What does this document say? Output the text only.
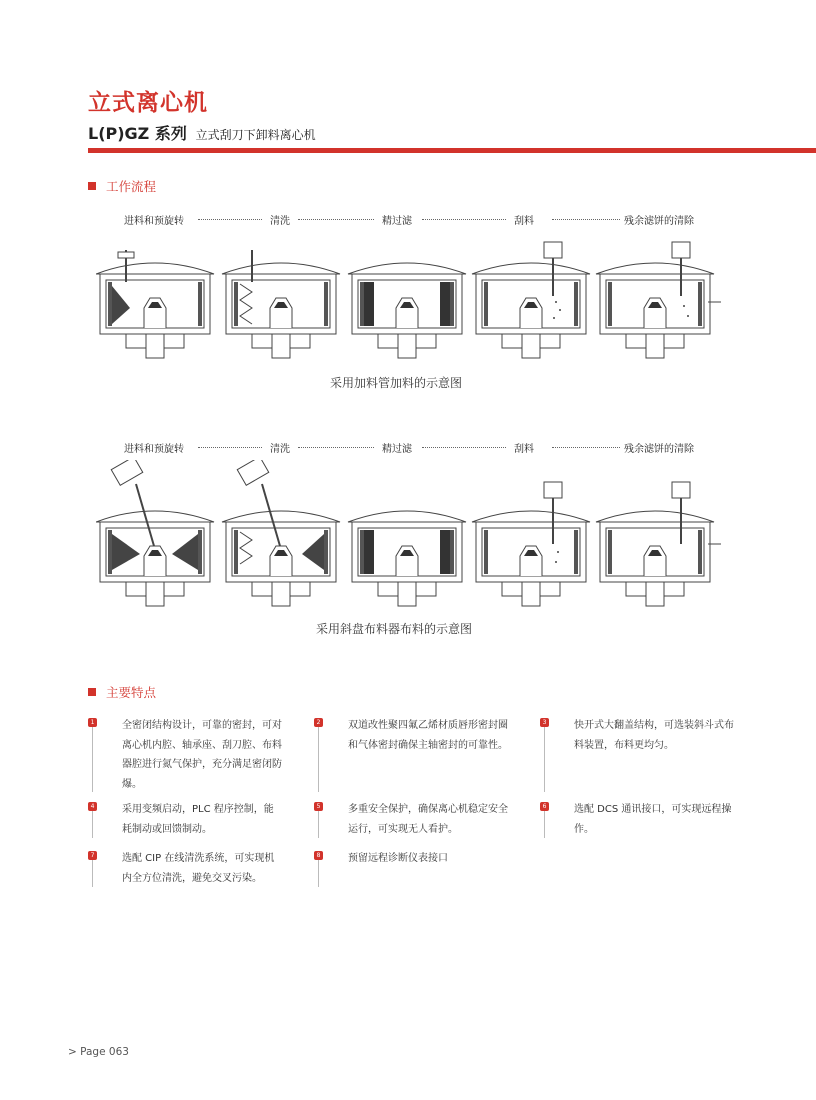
立式离心机
L(P)GZ 系列 立式刮刀下卸料离心机
工作流程
进料和预旋转	清洗	精过滤	刮料	残余滤饼的清除
采用加料管加料的示意图
进料和预旋转	清洗	精过滤	刮料	残余滤饼的清除
采用斜盘布料器布料的示意图
主要特点
1	全密闭结构设计，可靠的密封，可对离心机内腔、轴承座、刮刀腔、布料器腔进行氮气保护，充分满足密闭防爆。
2	双道改性聚四氟乙烯材质唇形密封圈和气体密封确保主轴密封的可靠性。
3	快开式大翻盖结构，可选装斜斗式布料装置，布料更均匀。
4	采用变频启动，PLC 程序控制，能耗制动或回馈制动。
5	多重安全保护，确保离心机稳定安全运行，可实现无人看护。
6	选配 DCS 通讯接口，可实现远程操作。
7	选配 CIP 在线清洗系统，可实现机内全方位清洗，避免交叉污染。
8	预留远程诊断仪表接口
> Page 063
